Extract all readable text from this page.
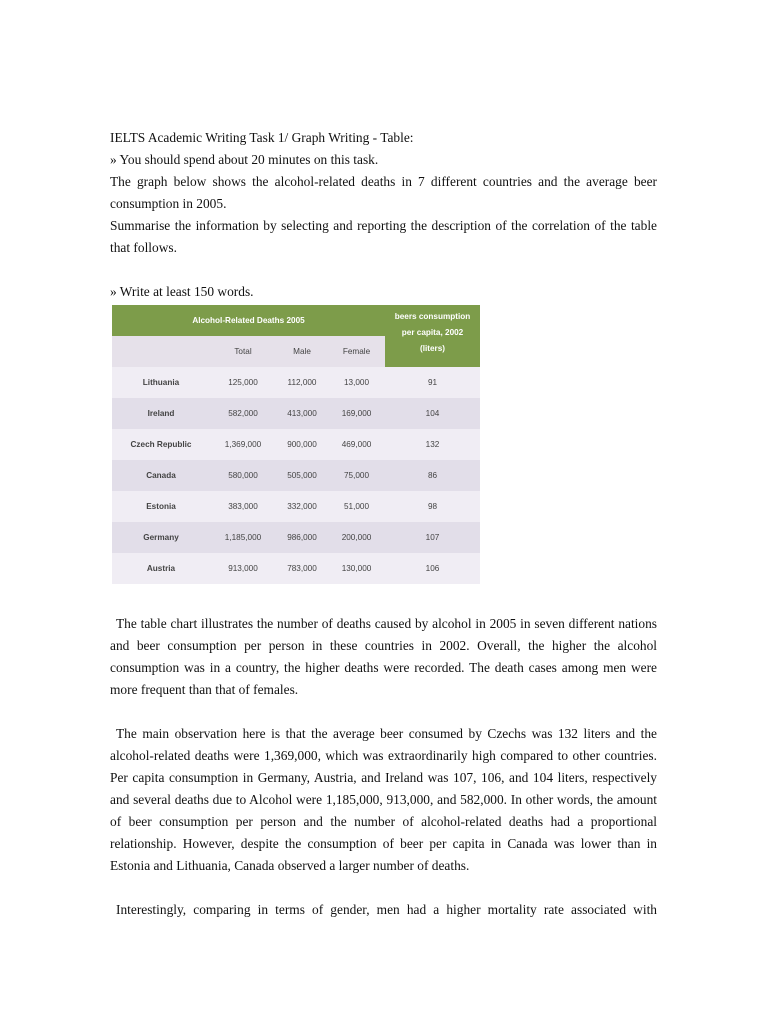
IELTS Academic Writing Task 1/ Graph Writing - Table:

» You should spend about 20 minutes on this task.

The graph below shows the alcohol-related deaths in 7 different countries and the average beer consumption in 2005.

Summarise the information by selecting and reporting the description of the correlation of the table that follows.

» Write at least 150 words.

Alcohol-Related Deaths 2005				beers consumption
per capita, 2002
(liters)

	Total	Male	Female	
Lithuania	125,000	112,000	13,000	91
Ireland	582,000	413,000	169,000	104
Czech Republic	1,369,000	900,000	469,000	132
Canada	580,000	505,000	75,000	86
Estonia	383,000	332,000	51,000	98
Germany	1,185,000	986,000	200,000	107
Austria	913,000	783,000	130,000	106

The table chart illustrates the number of deaths caused by alcohol in 2005 in seven different nations and beer consumption per person in these countries in 2002. Overall, the higher the alcohol consumption was in a country, the higher deaths were recorded. The death cases among men were more frequent than that of females.

The main observation here is that the average beer consumed by Czechs was 132 liters and the alcohol-related deaths were 1,369,000, which was extraordinarily high compared to other countries. Per capita consumption in Germany, Austria, and Ireland was 107, 106, and 104 liters, respectively and several deaths due to Alcohol were 1,185,000, 913,000, and 582,000. In other words, the amount of beer consumption per person and the number of alcohol-related deaths had a proportional relationship. However, despite the consumption of beer per capita in Canada was lower than in Estonia and Lithuania, Canada observed a larger number of deaths.

Interestingly, comparing in terms of gender, men had a higher mortality rate associated with
